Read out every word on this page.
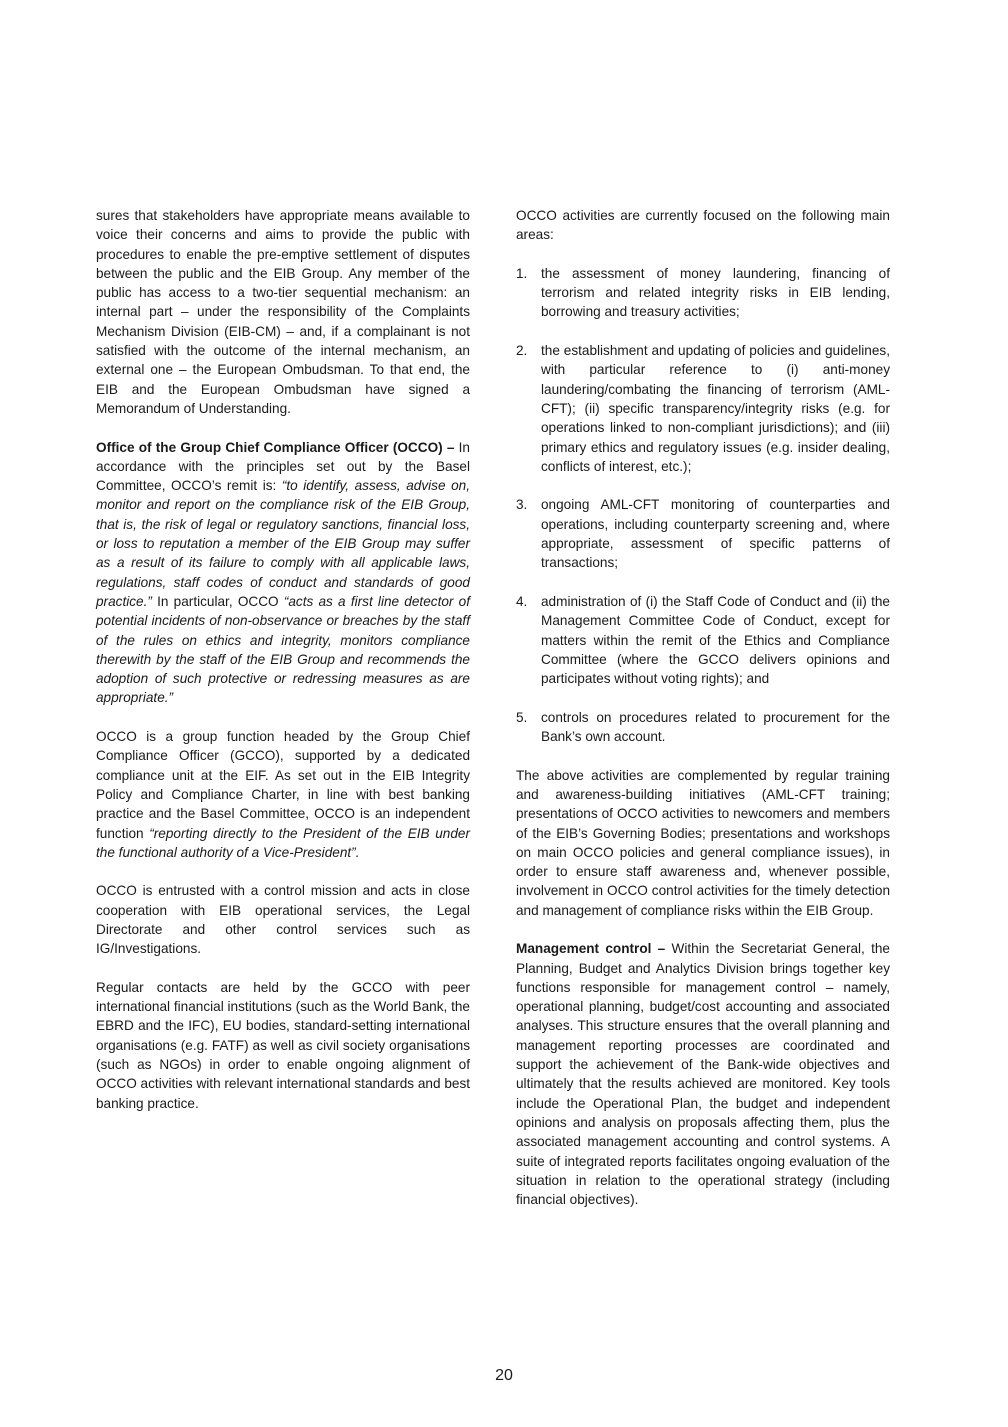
sures that stakeholders have appropriate means available to voice their concerns and aims to provide the public with procedures to enable the pre-emptive settlement of disputes between the public and the EIB Group. Any member of the public has access to a two-tier sequential mechanism: an internal part – under the responsibility of the Complaints Mechanism Division (EIB-CM) – and, if a complainant is not satisfied with the outcome of the internal mechanism, an external one – the European Ombudsman. To that end, the EIB and the European Ombudsman have signed a Memorandum of Understanding.

Office of the Group Chief Compliance Officer (OCCO) – In accordance with the principles set out by the Basel Committee, OCCO’s remit is: “to identify, assess, advise on, monitor and report on the compliance risk of the EIB Group, that is, the risk of legal or regulatory sanctions, financial loss, or loss to reputation a member of the EIB Group may suffer as a result of its failure to comply with all applicable laws, regulations, staff codes of conduct and standards of good practice.” In particular, OCCO “acts as a first line detector of potential incidents of non-observance or breaches by the staff of the rules on ethics and integrity, monitors compliance therewith by the staff of the EIB Group and recommends the adoption of such protective or redressing measures as are appropriate.”

OCCO is a group function headed by the Group Chief Compliance Officer (GCCO), supported by a dedicated compliance unit at the EIF. As set out in the EIB Integrity Policy and Compliance Charter, in line with best banking practice and the Basel Committee, OCCO is an independent function “reporting directly to the President of the EIB under the functional authority of a Vice-President”.

OCCO is entrusted with a control mission and acts in close cooperation with EIB operational services, the Legal Directorate and other control services such as IG/Investigations.

Regular contacts are held by the GCCO with peer international financial institutions (such as the World Bank, the EBRD and the IFC), EU bodies, standard-setting international organisations (e.g. FATF) as well as civil society organisations (such as NGOs) in order to enable ongoing alignment of OCCO activities with relevant international standards and best banking practice.

OCCO activities are currently focused on the following main areas:

1. the assessment of money laundering, financing of terrorism and related integrity risks in EIB lending, borrowing and treasury activities;
2. the establishment and updating of policies and guidelines, with particular reference to (i) anti-money laundering/combating the financing of terrorism (AML-CFT); (ii) specific transparency/integrity risks (e.g. for operations linked to non-compliant jurisdictions); and (iii) primary ethics and regulatory issues (e.g. insider dealing, conflicts of interest, etc.);
3. ongoing AML-CFT monitoring of counterparties and operations, including counterparty screening and, where appropriate, assessment of specific patterns of transactions;
4. administration of (i) the Staff Code of Conduct and (ii) the Management Committee Code of Conduct, except for matters within the remit of the Ethics and Compliance Committee (where the GCCO delivers opinions and participates without voting rights); and
5. controls on procedures related to procurement for the Bank’s own account.

The above activities are complemented by regular training and awareness-building initiatives (AML-CFT training; presentations of OCCO activities to newcomers and members of the EIB’s Governing Bodies; presentations and workshops on main OCCO policies and general compliance issues), in order to ensure staff awareness and, whenever possible, involvement in OCCO control activities for the timely detection and management of compliance risks within the EIB Group.

Management control – Within the Secretariat General, the Planning, Budget and Analytics Division brings together key functions responsible for management control – namely, operational planning, budget/cost accounting and associated analyses. This structure ensures that the overall planning and management reporting processes are coordinated and support the achievement of the Bank-wide objectives and ultimately that the results achieved are monitored. Key tools include the Operational Plan, the budget and independent opinions and analysis on proposals affecting them, plus the associated management accounting and control systems. A suite of integrated reports facilitates ongoing evaluation of the situation in relation to the operational strategy (including financial objectives).

20
